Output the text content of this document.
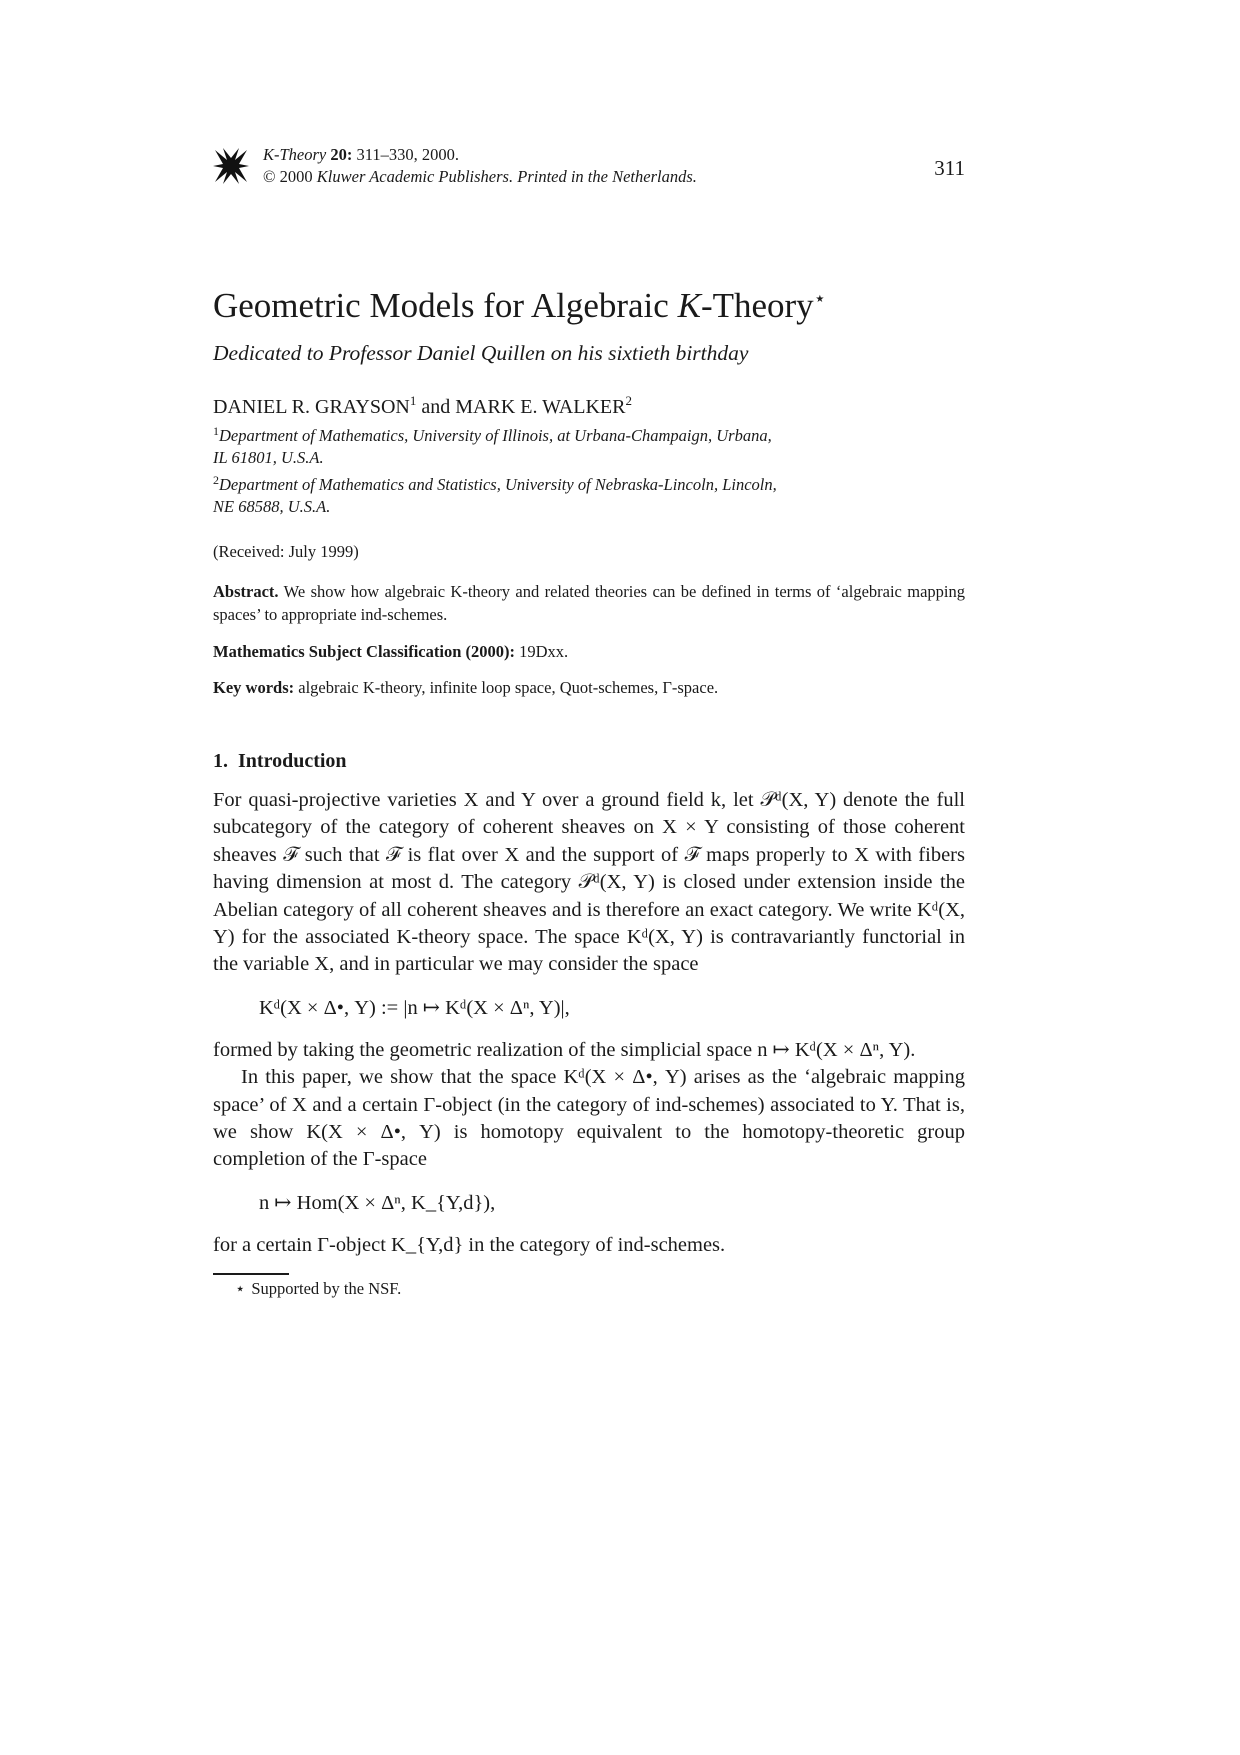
K-Theory 20: 311–330, 2000.
© 2000 Kluwer Academic Publishers. Printed in the Netherlands.	311
Geometric Models for Algebraic K-Theory⋆
Dedicated to Professor Daniel Quillen on his sixtieth birthday
DANIEL R. GRAYSON$^1$ and MARK E. WALKER$^2$
$^1$Department of Mathematics, University of Illinois, at Urbana-Champaign, Urbana,
IL 61801, U.S.A.
$^2$Department of Mathematics and Statistics, University of Nebraska-Lincoln, Lincoln,
NE 68588, U.S.A.
(Received: July 1999)
Abstract. We show how algebraic K-theory and related theories can be defined in terms of ‘algebraic mapping spaces’ to appropriate ind-schemes.
Mathematics Subject Classification (2000): 19Dxx.
Key words: algebraic K-theory, infinite loop space, Quot-schemes, Γ-space.
1. Introduction
For quasi-projective varieties X and Y over a ground field k, let 𝒫ᵈ(X, Y) denote the full subcategory of the category of coherent sheaves on X × Y consisting of those coherent sheaves ℱ such that ℱ is flat over X and the support of ℱ maps properly to X with fibers having dimension at most d. The category 𝒫ᵈ(X, Y) is closed under extension inside the Abelian category of all coherent sheaves and is therefore an exact category. We write Kᵈ(X, Y) for the associated K-theory space. The space Kᵈ(X, Y) is contravariantly functorial in the variable X, and in particular we may consider the space
Kᵈ(X × Δ•, Y) := |n ↦ Kᵈ(X × Δⁿ, Y)|,
formed by taking the geometric realization of the simplicial space n ↦ Kᵈ(X × Δⁿ, Y).
In this paper, we show that the space Kᵈ(X × Δ•, Y) arises as the ‘algebraic mapping space’ of X and a certain Γ-object (in the category of ind-schemes) associated to Y. That is, we show K(X × Δ•, Y) is homotopy equivalent to the homotopy-theoretic group completion of the Γ-space
n ↦ Hom(X × Δⁿ, K_{Y,d}),
for a certain Γ-object K_{Y,d} in the category of ind-schemes.
⋆ Supported by the NSF.
